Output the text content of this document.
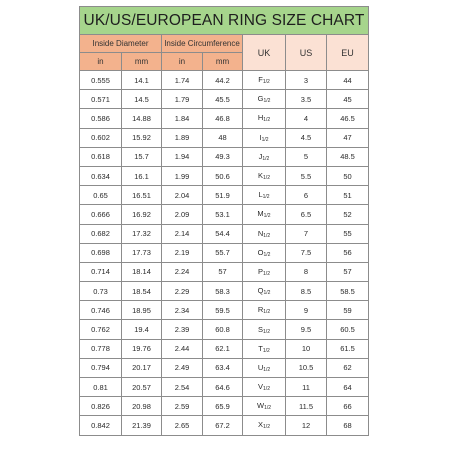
UK/US/EUROPEAN RING SIZE CHART						
Inside Diameter		Inside Circumference		UK	US	EU
in	mm	in	mm			
0.555	14.1	1.74	44.2	$F_{1/2}$	3	44
0.571	14.5	1.79	45.5	$G_{1/2}$	3.5	45
0.586	14.88	1.84	46.8	$H_{1/2}$	4	46.5
0.602	15.92	1.89	48	$I_{1/2}$	4.5	47
0.618	15.7	1.94	49.3	$J_{1/2}$	5	48.5
0.634	16.1	1.99	50.6	$K_{1/2}$	5.5	50
0.65	16.51	2.04	51.9	$L_{1/2}$	6	51
0.666	16.92	2.09	53.1	$M_{1/2}$	6.5	52
0.682	17.32	2.14	54.4	$N_{1/2}$	7	55
0.698	17.73	2.19	55.7	$O_{1/2}$	7.5	56
0.714	18.14	2.24	57	$P_{1/2}$	8	57
0.73	18.54	2.29	58.3	$Q_{1/2}$	8.5	58.5
0.746	18.95	2.34	59.5	$R_{1/2}$	9	59
0.762	19.4	2.39	60.8	$S_{1/2}$	9.5	60.5
0.778	19.76	2.44	62.1	$T_{1/2}$	10	61.5
0.794	20.17	2.49	63.4	$U_{1/2}$	10.5	62
0.81	20.57	2.54	64.6	$V_{1/2}$	11	64
0.826	20.98	2.59	65.9	$W_{1/2}$	11.5	66
0.842	21.39	2.65	67.2	$X_{1/2}$	12	68
